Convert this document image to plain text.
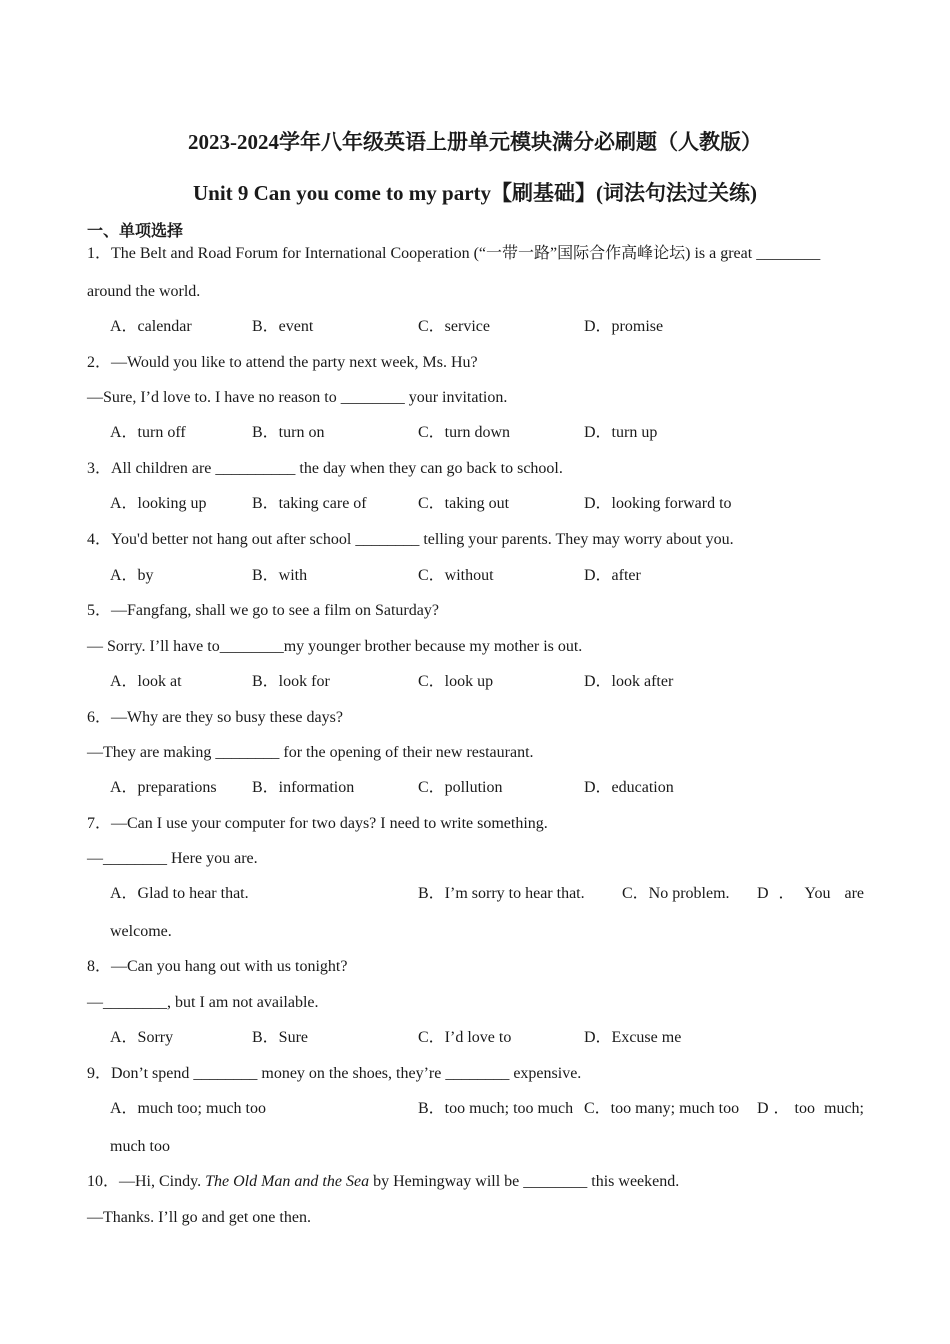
2023-2024学年八年级英语上册单元模块满分必刷题（人教版）
Unit 9 Can you come to my party【刷基础】(词法句法过关练)
一、单项选择
1．The Belt and Road Forum for International Cooperation (“一带一路”国际合作高峰论坛) is a great ________
around the world.
A．calendar	B．event	C．service	D．promise
2．—Would you like to attend the party next week, Ms. Hu?
—Sure, I’d love to. I have no reason to ________ your invitation.
A．turn off	B．turn on	C．turn down	D．turn up
3．All children are __________ the day when they can go back to school.
A．looking up	B．taking care of	C．taking out	D．looking forward to
4．You'd better not hang out after school ________ telling your parents. They may worry about you.
A．by	B．with	C．without	D．after
5．—Fangfang, shall we go to see a film on Saturday?
— Sorry. I’ll have to________my younger brother because my mother is out.
A．look at	B．look for	C．look up	D．look after
6．—Why are they so busy these days?
—They are making ________ for the opening of their new restaurant.
A．preparations B．information	C．pollution	D．education
7．—Can I use your computer for two days? I need to write something.
—________ Here you are.
A．Glad to hear that.	B．I’m sorry to hear that. C．No problem. D．You are
welcome.
8．—Can you hang out with us tonight?
—________, but I am not available.
A．Sorry	B．Sure	C．I’d love to	D．Excuse me
9．Don’t spend ________ money on the shoes, they’re ________ expensive.
A．much too; much too	B．too much; too much C．too many; much too D．too much;
much too
10．—Hi, Cindy. The Old Man and the Sea by Hemingway will be ________ this weekend.
—Thanks. I’ll go and get one then.
